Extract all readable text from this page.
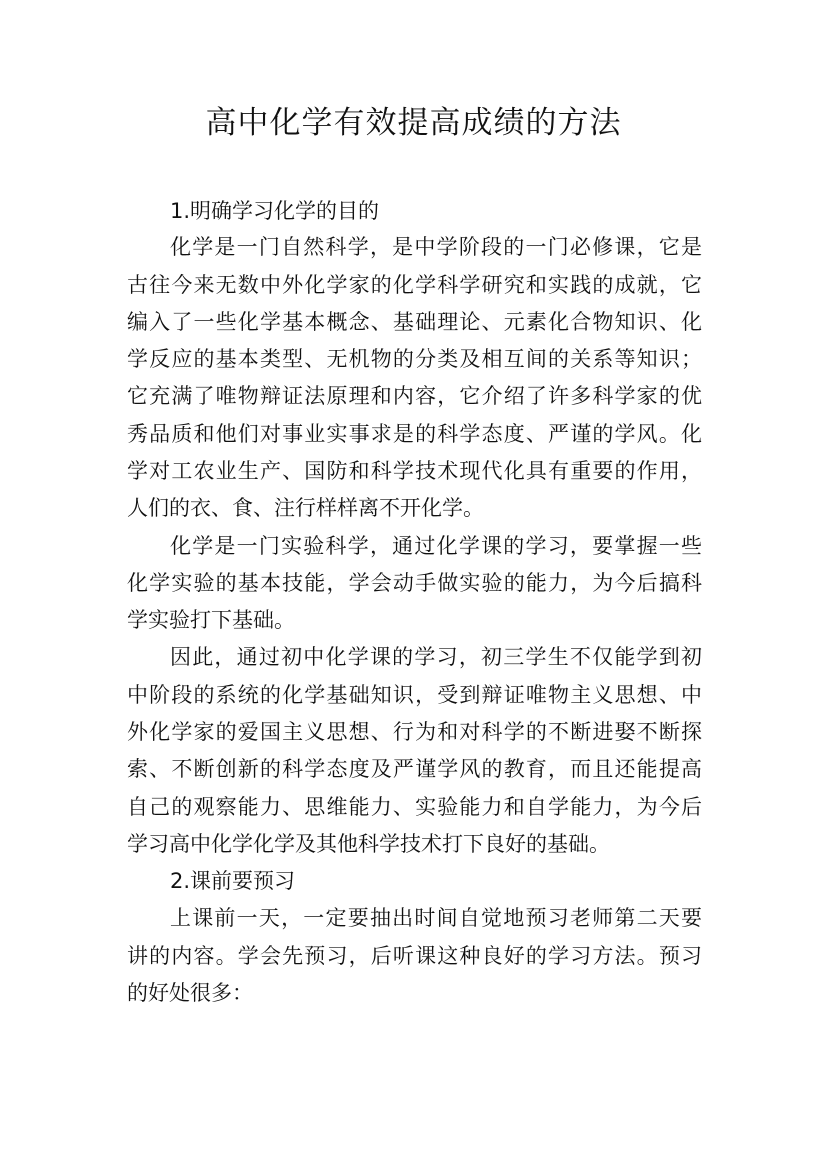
高中化学有效提高成绩的方法
1.明确学习化学的目的
化学是一门自然科学，是中学阶段的一门必修课，它是
古往今来无数中外化学家的化学科学研究和实践的成就，它
编入了一些化学基本概念、基础理论、元素化合物知识、化
学反应的基本类型、无机物的分类及相互间的关系等知识；
它充满了唯物辩证法原理和内容，它介绍了许多科学家的优
秀品质和他们对事业实事求是的科学态度、严谨的学风。化
学对工农业生产、国防和科学技术现代化具有重要的作用，
人们的衣、食、注行样样离不开化学。
化学是一门实验科学，通过化学课的学习，要掌握一些
化学实验的基本技能，学会动手做实验的能力，为今后搞科
学实验打下基础。
因此，通过初中化学课的学习，初三学生不仅能学到初
中阶段的系统的化学基础知识，受到辩证唯物主义思想、中
外化学家的爱国主义思想、行为和对科学的不断进娶不断探
索、不断创新的科学态度及严谨学风的教育，而且还能提高
自己的观察能力、思维能力、实验能力和自学能力，为今后
学习高中化学化学及其他科学技术打下良好的基础。
2.课前要预习
上课前一天，一定要抽出时间自觉地预习老师第二天要
讲的内容。学会先预习，后听课这种良好的学习方法。预习
的好处很多：
